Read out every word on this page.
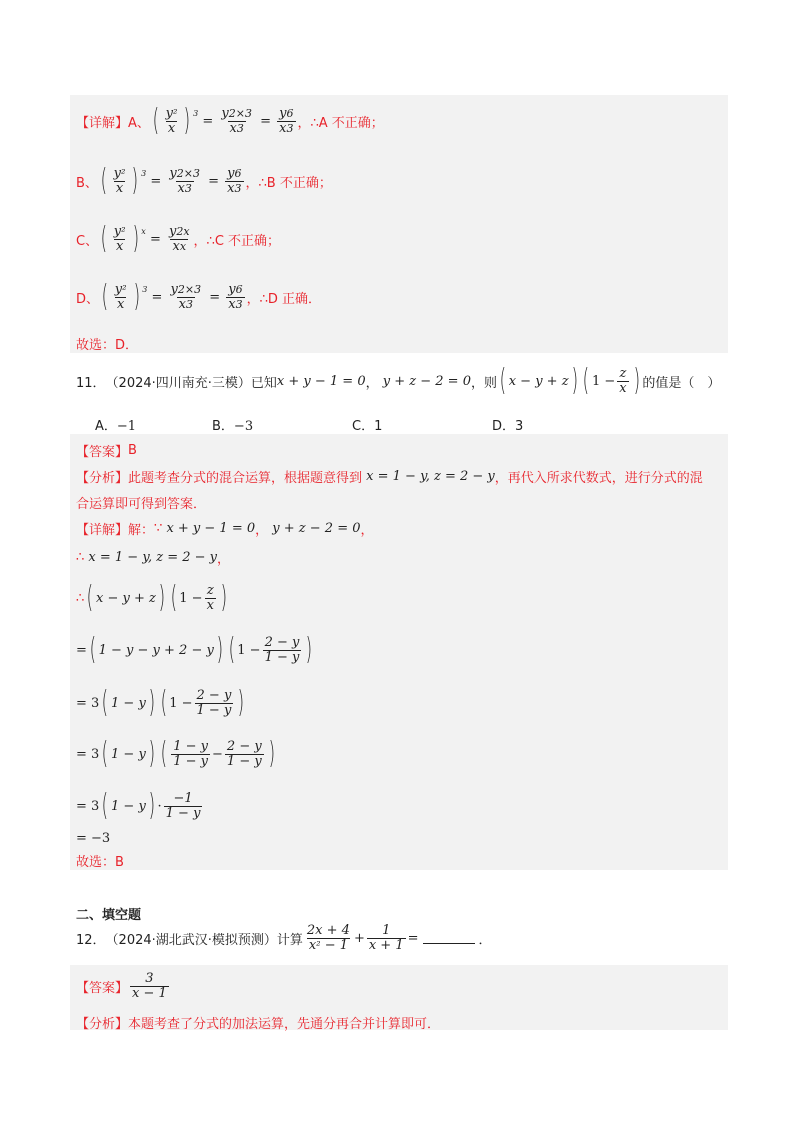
【详解】 A、 ( $\frac{\text{y²}}{x}$ ) 3
= $\frac{y2\times 3}{x3} = \frac{y6}{x3}$ ，∴A 不正确；
B、 ( $\frac{\text{y²}}{x}$ ) 3
= $\frac{y2\times 3}{x3} = \frac{y6}{x3}$ ，∴B 不正确；
C、 ( $\frac{\text{y²}}{x}$ ) x
= $\frac{y2x}{xx}$ ，∴C 不正确；
D、 ( $\frac{\text{y²}}{x}$ ) 3
= $\frac{y2\times 3}{x3} = \frac{y6}{x3}$ ，∴D 正确．
故选：D．
11． （2024·四川南充·三模）已知 x + y − 1 = 0 ， y + z − 2 = 0 ，则 ( x − y + z ) ( $1 - \frac{z}{x}$ ) 的值是（　）
A．−1	B．−3	C．1	D．3
【答案】 B
【分析】 此题考查分式的混合运算，根据题意得到 x = 1 − y, z = 2 − y ，再代入所求代数式，进行分式的混
合运算即可得到答案．
【详解】 解： ∵ x + y − 1 = 0 ， y + z − 2 = 0 ，
∴ x = 1 − y, z = 2 − y ，
∴ ( x − y + z ) ( $1 - \frac{z}{x}$ )
= ( 1 − y − y + 2 − y ) ( $1 - \frac{2 - y}{1 - y}$ )
= 3 ( 1 − y ) ( $1 - \frac{2 - y}{1 - y}$ )
= 3 ( 1 − y ) ( $\frac{1 - y}{1 - y} - \frac{2 - y}{1 - y}$ )
= 3 ( 1 − y ) · $\frac{-1}{1 - y}$
= −3
故选：B
二、填空题
12． （2024·湖北武汉·模拟预测）计算 $\frac{2x + 4}{\text{x² − 1}} + \frac{1}{x + 1}$ =	．
【答案】 $\frac{3}{x - 1}$
【分析】 本题考查了分式的加法运算，先通分再合并计算即可．
